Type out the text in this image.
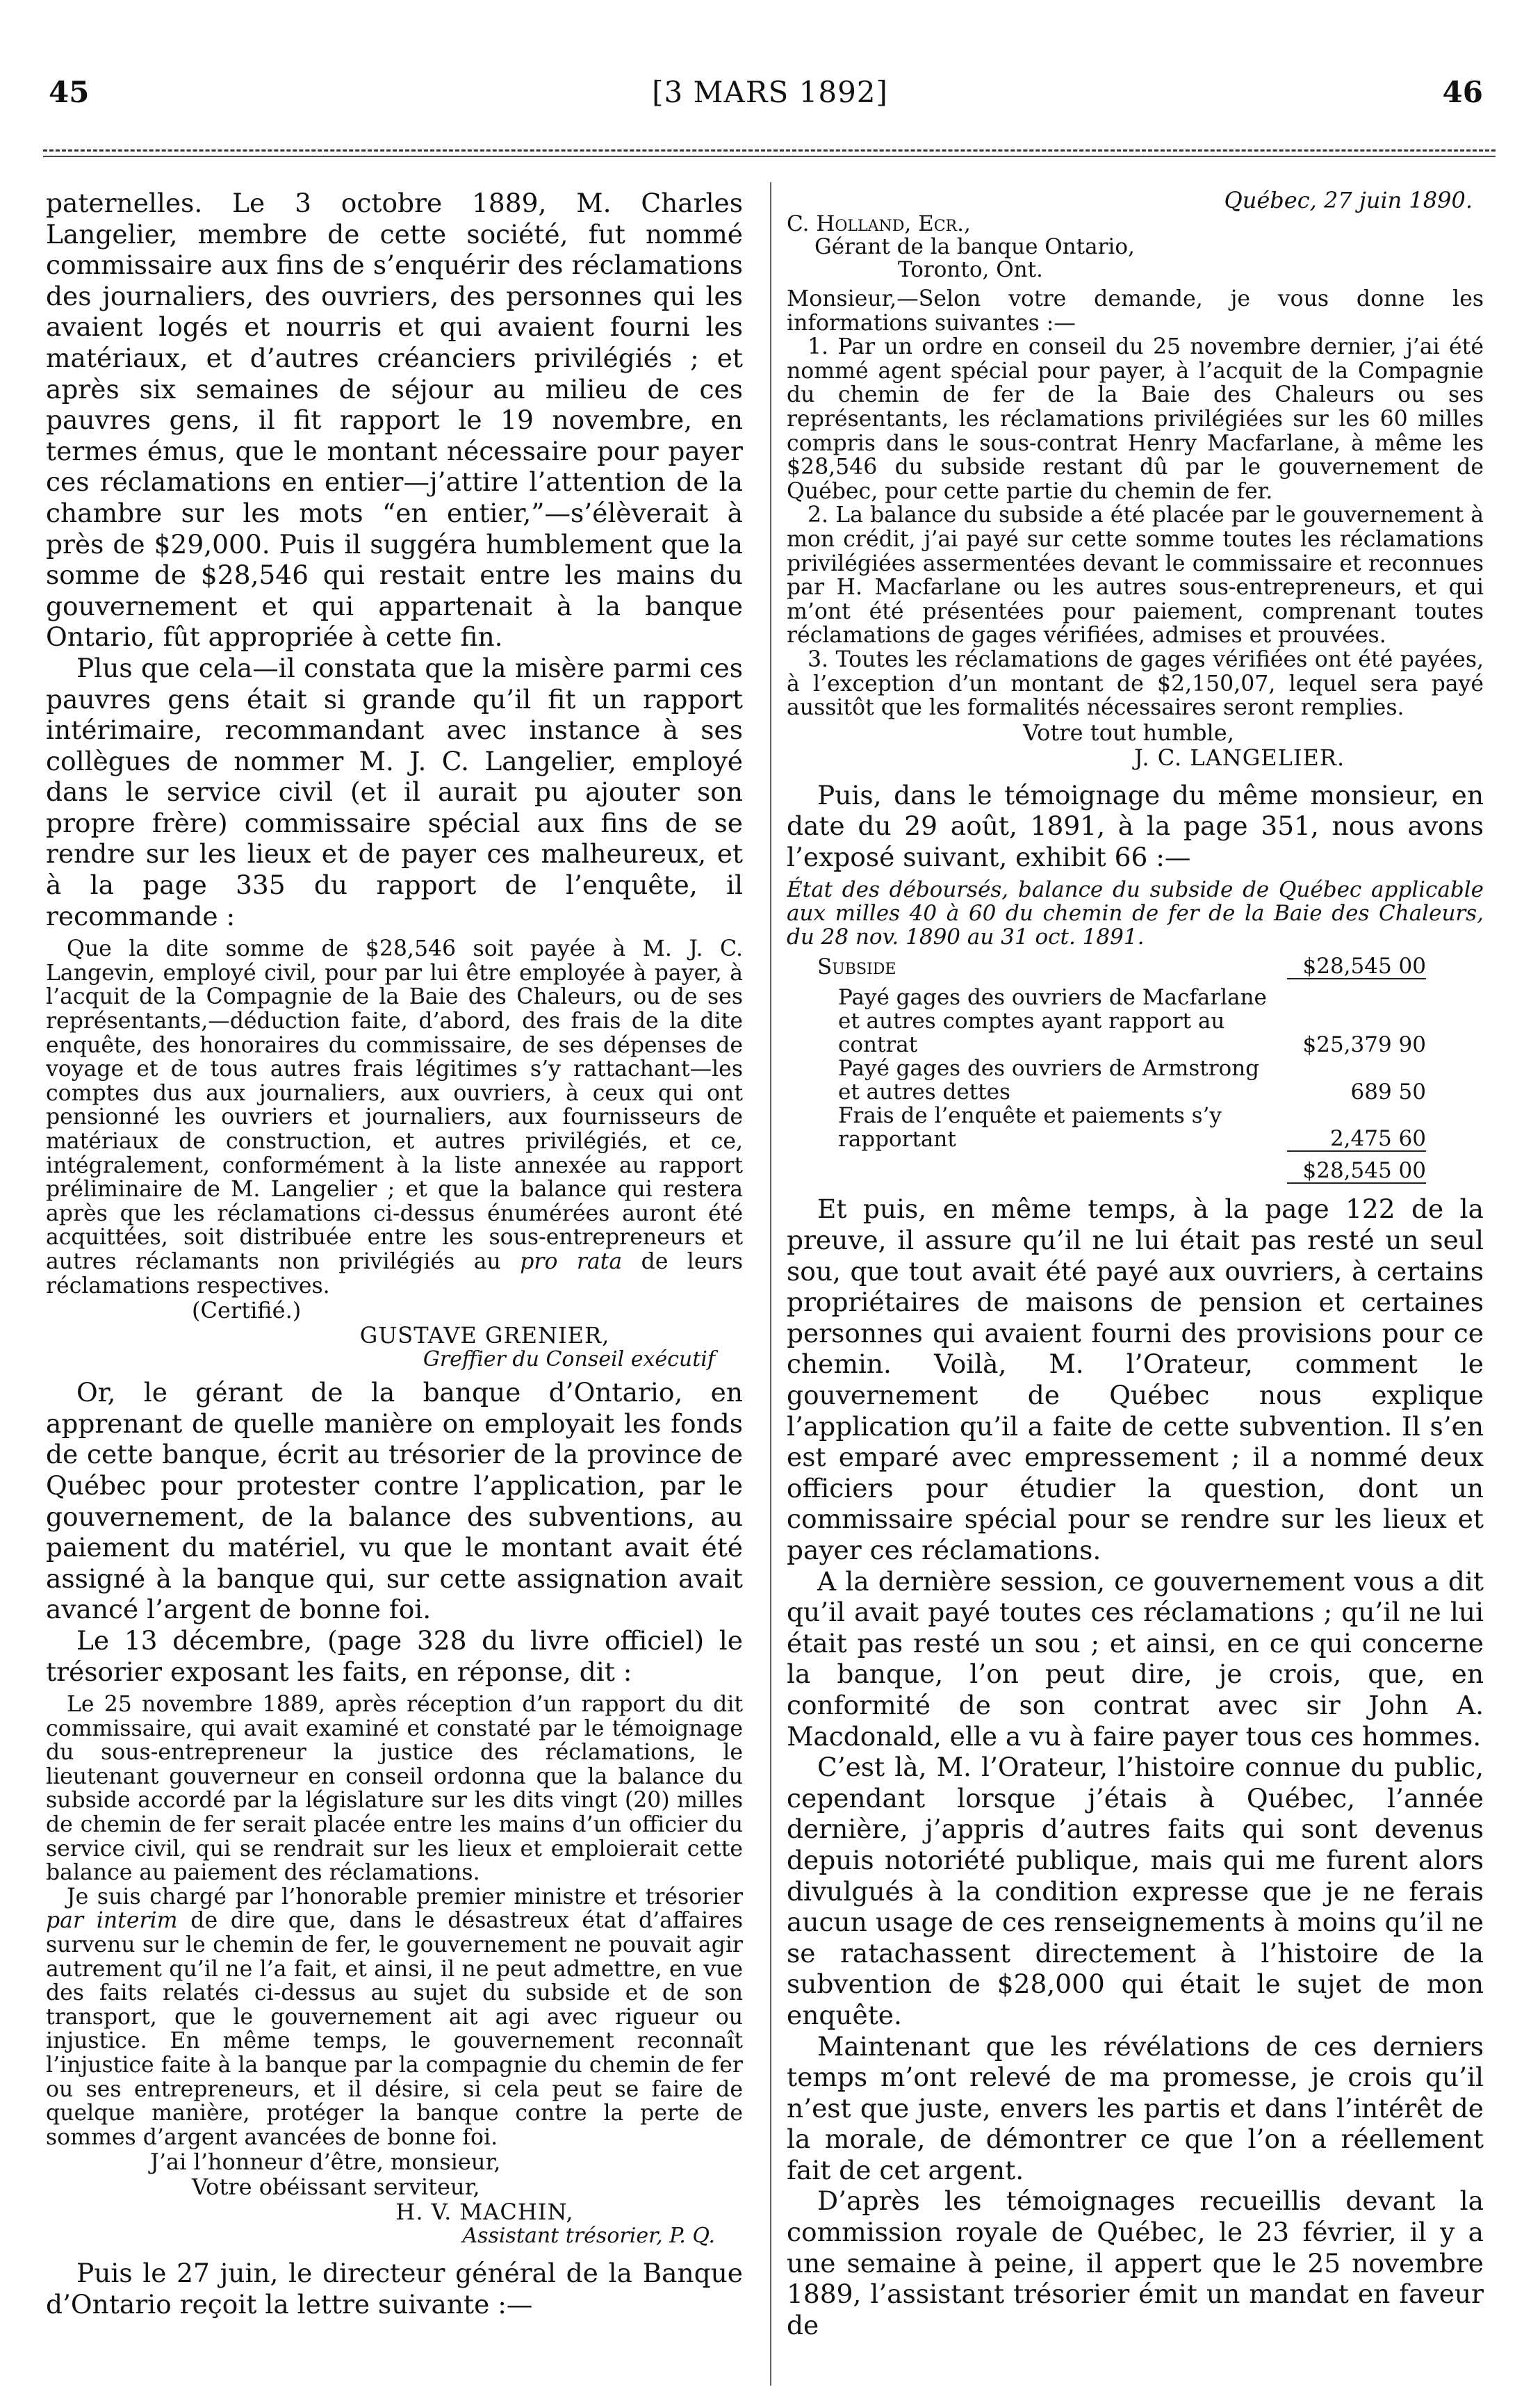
45	[3 MARS 1892]	46

paternelles. Le 3 octobre 1889, M. Charles Langelier, membre de cette société, fut nommé commissaire aux fins de s’enquérir des réclamations des journaliers, des ouvriers, des personnes qui les avaient logés et nourris et qui avaient fourni les matériaux, et d’autres créanciers privilégiés ; et après six semaines de séjour au milieu de ces pauvres gens, il fit rapport le 19 novembre, en termes émus, que le montant nécessaire pour payer ces réclamations en entier—j’attire l’attention de la chambre sur les mots “en entier,”—s’élèverait à près de $29,000. Puis il suggéra humblement que la somme de $28,546 qui restait entre les mains du gouvernement et qui appartenait à la banque Ontario, fût appropriée à cette fin.

Plus que cela—il constata que la misère parmi ces pauvres gens était si grande qu’il fit un rapport intérimaire, recommandant avec instance à ses collègues de nommer M. J. C. Langelier, employé dans le service civil (et il aurait pu ajouter son propre frère) commissaire spécial aux fins de se rendre sur les lieux et de payer ces malheureux, et à la page 335 du rapport de l’enquête, il recommande :

Que la dite somme de $28,546 soit payée à M. J. C. Langevin, employé civil, pour par lui être employée à payer, à l’acquit de la Compagnie de la Baie des Chaleurs, ou de ses représentants,—déduction faite, d’abord, des frais de la dite enquête, des honoraires du commissaire, de ses dépenses de voyage et de tous autres frais légitimes s’y rattachant—les comptes dus aux journaliers, aux ouvriers, à ceux qui ont pensionné les ouvriers et journaliers, aux fournisseurs de matériaux de construction, et autres privilégiés, et ce, intégralement, conformément à la liste annexée au rapport préliminaire de M. Langelier ; et que la balance qui restera après que les réclamations ci-dessus énumérées auront été acquittées, soit distribuée entre les sous-entrepreneurs et autres réclamants non privilégiés au pro rata de leurs réclamations respectives.

(Certifié.)

GUSTAVE GRENIER,

Greffier du Conseil exécutif

Or, le gérant de la banque d’Ontario, en apprenant de quelle manière on employait les fonds de cette banque, écrit au trésorier de la province de Québec pour protester contre l’application, par le gouvernement, de la balance des subventions, au paiement du matériel, vu que le montant avait été assigné à la banque qui, sur cette assignation avait avancé l’argent de bonne foi.

Le 13 décembre, (page 328 du livre officiel) le trésorier exposant les faits, en réponse, dit :

Le 25 novembre 1889, après réception d’un rapport du dit commissaire, qui avait examiné et constaté par le témoignage du sous-entrepreneur la justice des réclamations, le lieutenant gouverneur en conseil ordonna que la balance du subside accordé par la législature sur les dits vingt (20) milles de chemin de fer serait placée entre les mains d’un officier du service civil, qui se rendrait sur les lieux et emploierait cette balance au paiement des réclamations.

Je suis chargé par l’honorable premier ministre et trésorier par interim de dire que, dans le désastreux état d’affaires survenu sur le chemin de fer, le gouvernement ne pouvait agir autrement qu’il ne l’a fait, et ainsi, il ne peut admettre, en vue des faits relatés ci-dessus au sujet du subside et de son transport, que le gouvernement ait agi avec rigueur ou injustice. En même temps, le gouvernement reconnaît l’injustice faite à la banque par la compagnie du chemin de fer ou ses entrepreneurs, et il désire, si cela peut se faire de quelque manière, protéger la banque contre la perte de sommes d’argent avancées de bonne foi.

J’ai l’honneur d’être, monsieur,

Votre obéissant serviteur,

H. V. MACHIN,

Assistant trésorier, P. Q.

Puis le 27 juin, le directeur général de la Banque d’Ontario reçoit la lettre suivante :—

Québec, 27 juin 1890.

C. Holland, Ecr.,

Gérant de la banque Ontario,

Toronto, Ont.

Monsieur,—Selon votre demande, je vous donne les informations suivantes :—

1. Par un ordre en conseil du 25 novembre dernier, j’ai été nommé agent spécial pour payer, à l’acquit de la Compagnie du chemin de fer de la Baie des Chaleurs ou ses représentants, les réclamations privilégiées sur les 60 milles compris dans le sous-contrat Henry Macfarlane, à même les $28,546 du subside restant dû par le gouvernement de Québec, pour cette partie du chemin de fer.

2. La balance du subside a été placée par le gouvernement à mon crédit, j’ai payé sur cette somme toutes les réclamations privilégiées assermentées devant le commissaire et reconnues par H. Macfarlane ou les autres sous-entrepreneurs, et qui m’ont été présentées pour paiement, comprenant toutes réclamations de gages vérifiées, admises et prouvées.

3. Toutes les réclamations de gages vérifiées ont été payées, à l’exception d’un montant de $2,150,07, lequel sera payé aussitôt que les formalités nécessaires seront remplies.

Votre tout humble,

J. C. LANGELIER.

Puis, dans le témoignage du même monsieur, en date du 29 août, 1891, à la page 351, nous avons l’exposé suivant, exhibit 66 :—

État des déboursés, balance du subside de Québec applicable aux milles 40 à 60 du chemin de fer de la Baie des Chaleurs, du 28 nov. 1890 au 31 oct. 1891.

Subside	$28,545 00
Payé gages des ouvriers de Macfarlane et autres comptes ayant rapport au contrat	$25,379 90
Payé gages des ouvriers de Armstrong et autres dettes	689 50
Frais de l’enquête et paiements s’y rapportant	2,475 60
	$28,545 00

Et puis, en même temps, à la page 122 de la preuve, il assure qu’il ne lui était pas resté un seul sou, que tout avait été payé aux ouvriers, à certains propriétaires de maisons de pension et certaines personnes qui avaient fourni des provisions pour ce chemin. Voilà, M. l’Orateur, comment le gouvernement de Québec nous explique l’application qu’il a faite de cette subvention. Il s’en est emparé avec empressement ; il a nommé deux officiers pour étudier la question, dont un commissaire spécial pour se rendre sur les lieux et payer ces réclamations.

A la dernière session, ce gouvernement vous a dit qu’il avait payé toutes ces réclamations ; qu’il ne lui était pas resté un sou ; et ainsi, en ce qui concerne la banque, l’on peut dire, je crois, que, en conformité de son contrat avec sir John A. Macdonald, elle a vu à faire payer tous ces hommes.

C’est là, M. l’Orateur, l’histoire connue du public, cependant lorsque j’étais à Québec, l’année dernière, j’appris d’autres faits qui sont devenus depuis notoriété publique, mais qui me furent alors divulgués à la condition expresse que je ne ferais aucun usage de ces renseignements à moins qu’il ne se ratachassent directement à l’histoire de la subvention de $28,000 qui était le sujet de mon enquête.

Maintenant que les révélations de ces derniers temps m’ont relevé de ma promesse, je crois qu’il n’est que juste, envers les partis et dans l’intérêt de la morale, de démontrer ce que l’on a réellement fait de cet argent.

D’après les témoignages recueillis devant la commission royale de Québec, le 23 février, il y a une semaine à peine, il appert que le 25 novembre 1889, l’assistant trésorier émit un mandat en faveur de
